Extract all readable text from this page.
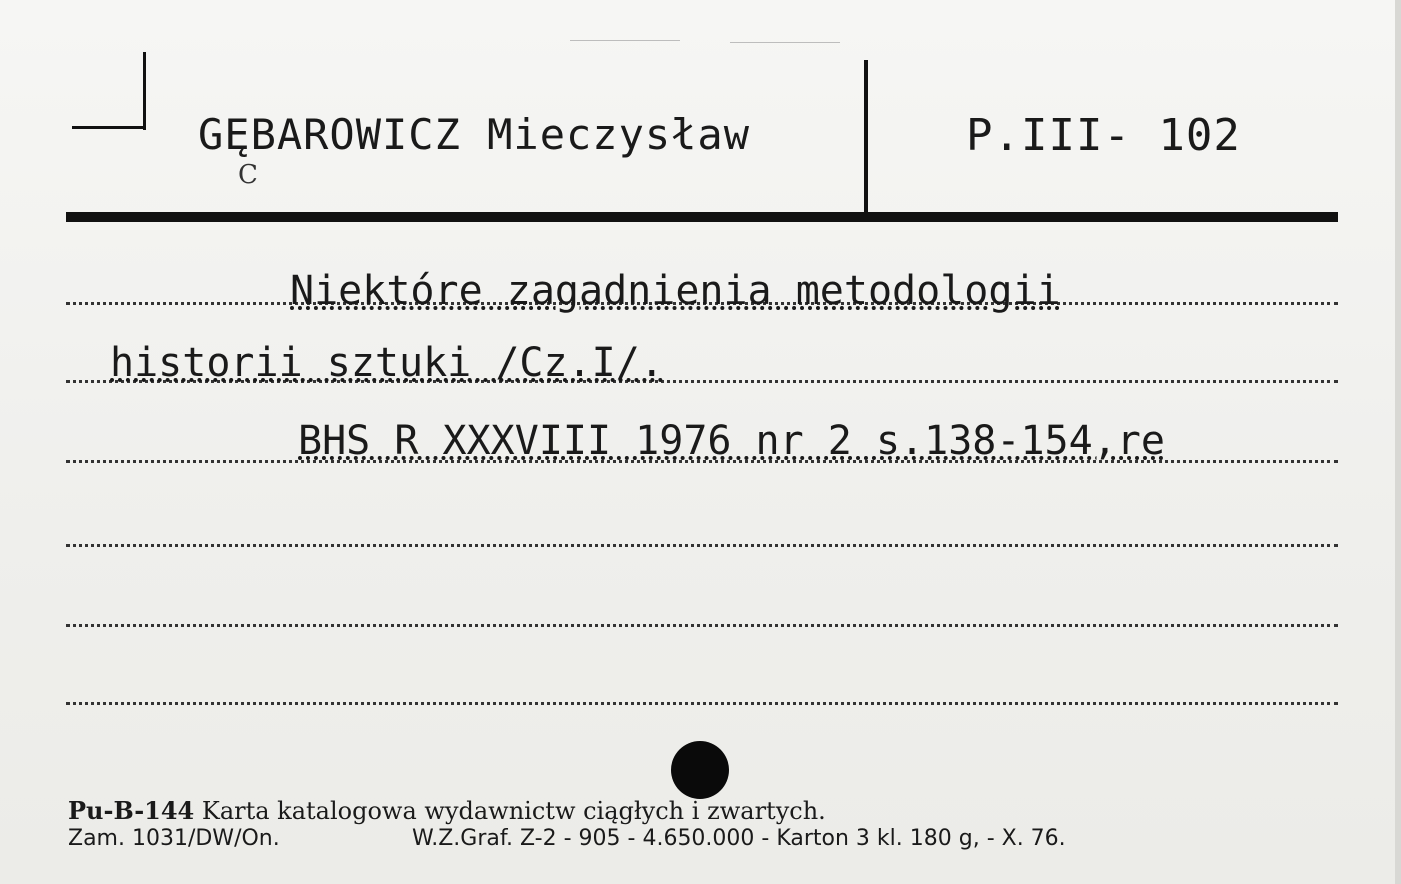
GĘBAROWICZ Mieczysław
C
P.III- 102
Niektóre zagadnienia metodologii
historii sztuki /Cz.I/.
BHS R XXXVIII 1976 nr 2 s.138-154,re
Pu-B-144 Karta katalogowa wydawnictw ciągłych i zwartych.
Zam. 1031/DW/On.	W.Z.Graf. Z-2 - 905 - 4.650.000 - Karton 3 kl. 180 g, - X. 76.
